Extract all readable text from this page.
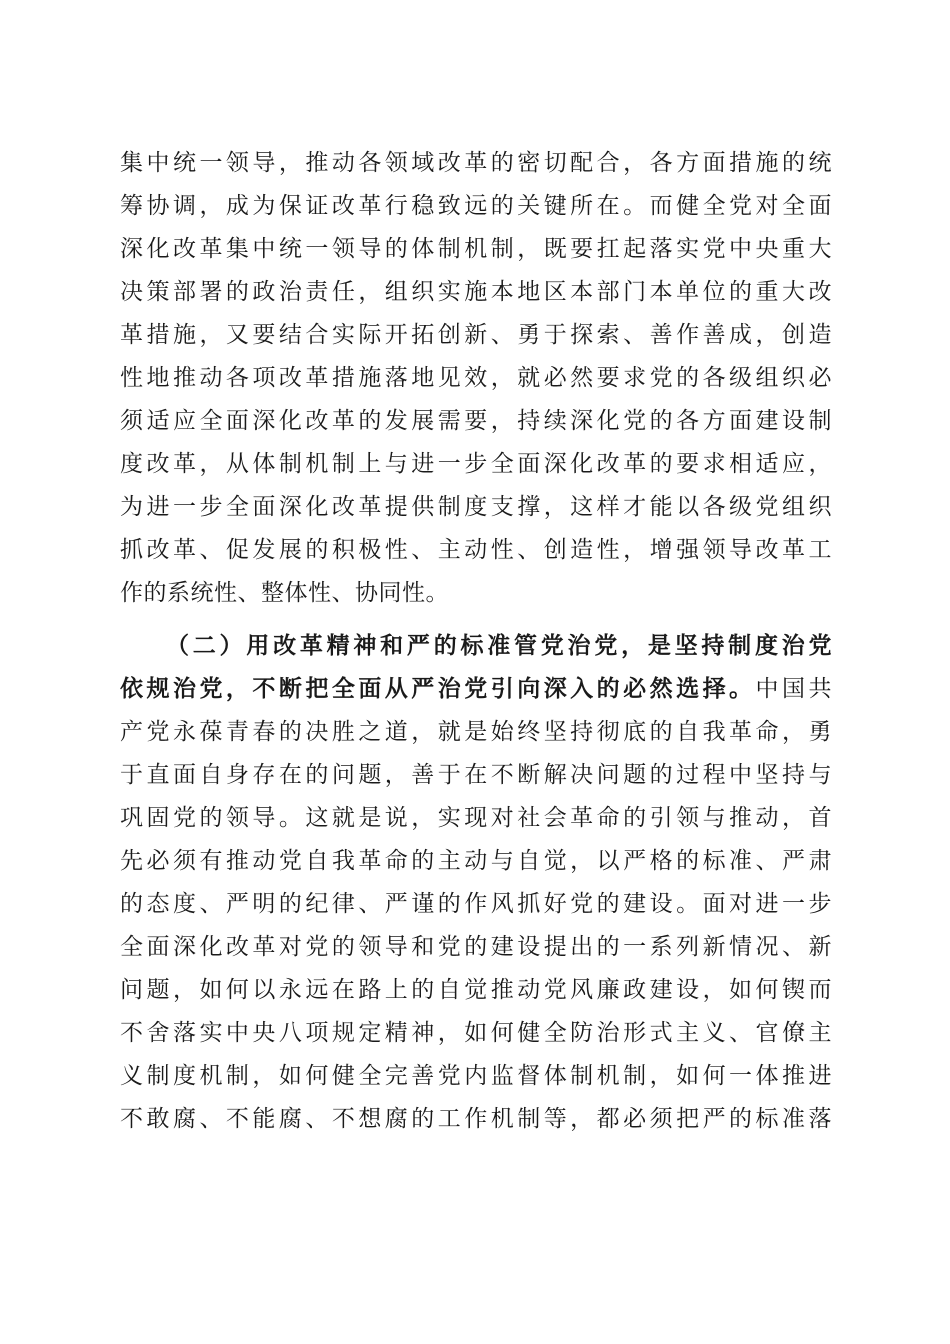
集中统一领导，推动各领域改革的密切配合，各方面措施的统
筹协调，成为保证改革行稳致远的关键所在。而健全党对全面
深化改革集中统一领导的体制机制，既要扛起落实党中央重大
决策部署的政治责任，组织实施本地区本部门本单位的重大改
革措施，又要结合实际开拓创新、勇于探索、善作善成，创造
性地推动各项改革措施落地见效，就必然要求党的各级组织必
须适应全面深化改革的发展需要，持续深化党的各方面建设制
度改革，从体制机制上与进一步全面深化改革的要求相适应，
为进一步全面深化改革提供制度支撑，这样才能以各级党组织
抓改革、促发展的积极性、主动性、创造性，增强领导改革工
作的系统性、整体性、协同性。
（二）用改革精神和严的标准管党治党，是坚持制度治党
依规治党，不断把全面从严治党引向深入的必然选择。中国共
产党永葆青春的决胜之道，就是始终坚持彻底的自我革命，勇
于直面自身存在的问题，善于在不断解决问题的过程中坚持与
巩固党的领导。这就是说，实现对社会革命的引领与推动，首
先必须有推动党自我革命的主动与自觉，以严格的标准、严肃
的态度、严明的纪律、严谨的作风抓好党的建设。面对进一步
全面深化改革对党的领导和党的建设提出的一系列新情况、新
问题，如何以永远在路上的自觉推动党风廉政建设，如何锲而
不舍落实中央八项规定精神，如何健全防治形式主义、官僚主
义制度机制，如何健全完善党内监督体制机制，如何一体推进
不敢腐、不能腐、不想腐的工作机制等，都必须把严的标准落
